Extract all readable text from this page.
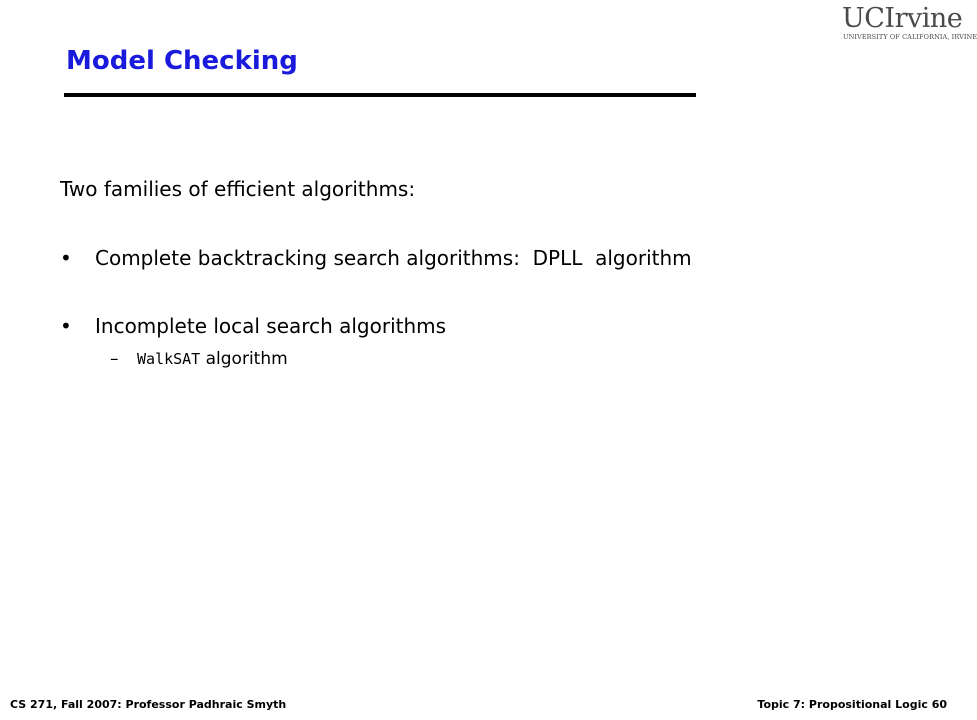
Model Checking
UCIrvine
UNIVERSITY OF CALIFORNIA, IRVINE
Two families of efficient algorithms:
• Complete backtracking search algorithms:  DPLL  algorithm
• Incomplete local search algorithms
– WalkSAT algorithm
CS 271, Fall 2007: Professor Padhraic Smyth	Topic 7: Propositional Logic 60
